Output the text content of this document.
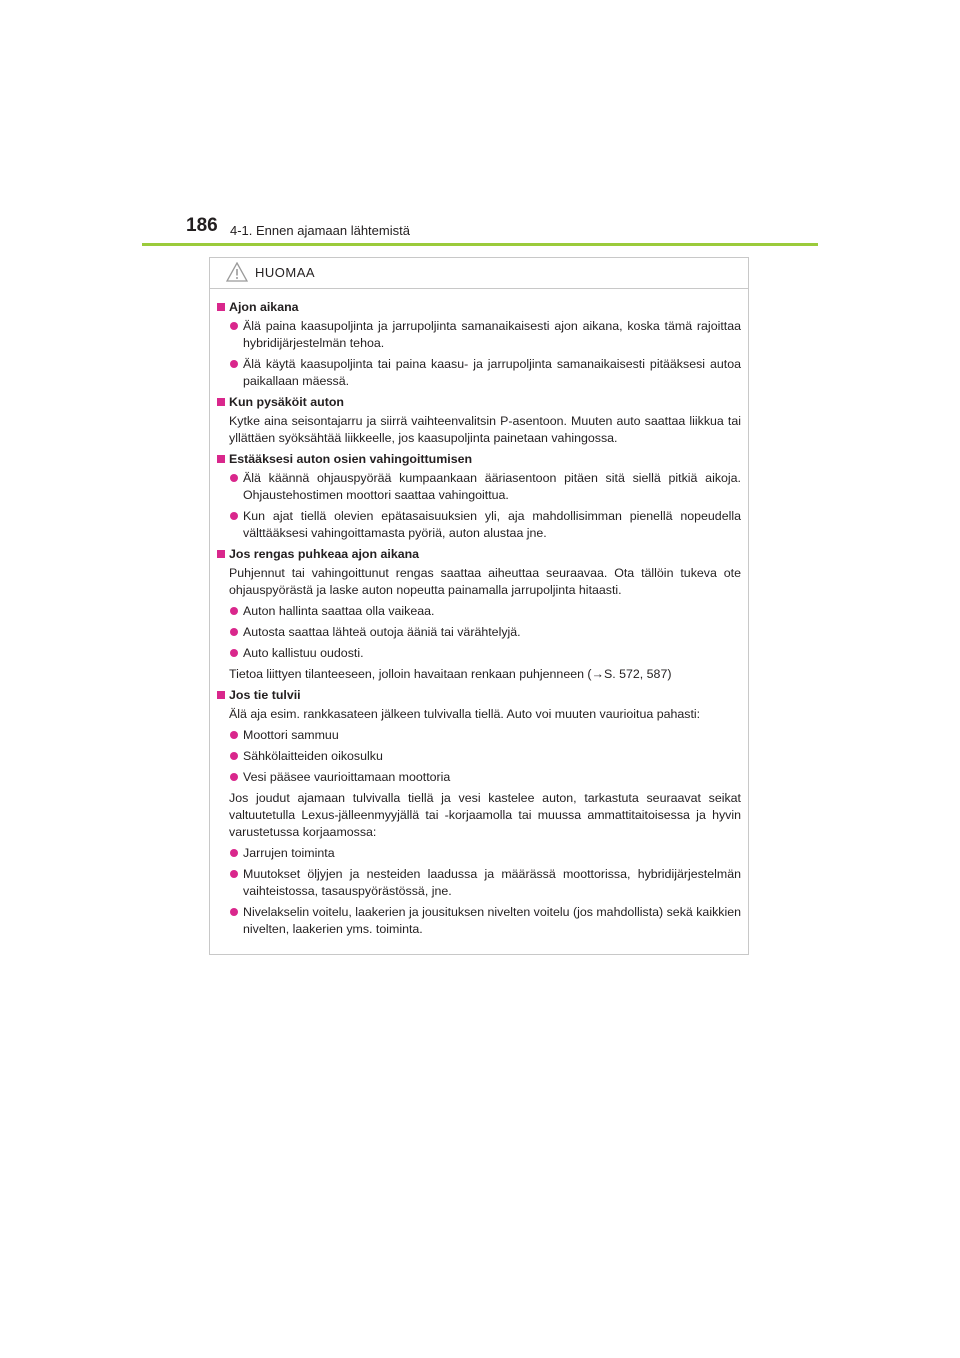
186 4-1. Ennen ajamaan lähtemistä
HUOMAA
Ajon aikana
Älä paina kaasupoljinta ja jarrupoljinta samanaikaisesti ajon aikana, koska tämä rajoittaa hybridijärjestelmän tehoa.
Älä käytä kaasupoljinta tai paina kaasu- ja jarrupoljinta samanaikaisesti pitääksesi autoa paikallaan mäessä.
Kun pysäköit auton
Kytke aina seisontajarru ja siirrä vaihteenvalitsin P-asentoon. Muuten auto saattaa liikkua tai yllättäen syöksähtää liikkeelle, jos kaasupoljinta painetaan vahingossa.
Estääksesi auton osien vahingoittumisen
Älä käännä ohjauspyörää kumpaankaan ääriasentoon pitäen sitä siellä pitkiä aikoja. Ohjaustehostimen moottori saattaa vahingoittua.
Kun ajat tiellä olevien epätasaisuuksien yli, aja mahdollisimman pienellä nopeudella välttääksesi vahingoittamasta pyöriä, auton alustaa jne.
Jos rengas puhkeaa ajon aikana
Puhjennut tai vahingoittunut rengas saattaa aiheuttaa seuraavaa. Ota tällöin tukeva ote ohjauspyörästä ja laske auton nopeutta painamalla jarrupoljinta hitaasti.
Auton hallinta saattaa olla vaikeaa.
Autosta saattaa lähteä outoja ääniä tai värähtelyjä.
Auto kallistuu oudosti.
Tietoa liittyen tilanteeseen, jolloin havaitaan renkaan puhjenneen (→S. 572, 587)
Jos tie tulvii
Älä aja esim. rankkasateen jälkeen tulvivalla tiellä. Auto voi muuten vaurioitua pahasti:
Moottori sammuu
Sähkölaitteiden oikosulku
Vesi pääsee vaurioittamaan moottoria
Jos joudut ajamaan tulvivalla tiellä ja vesi kastelee auton, tarkastuta seuraavat seikat valtuutetulla Lexus-jälleenmyyjällä tai -korjaamolla tai muussa ammattitaitoisessa ja hyvin varustetussa korjaamossa:
Jarrujen toiminta
Muutokset öljyjen ja nesteiden laadussa ja määrässä moottorissa, hybridijärjestelmän vaihteistossa, tasauspyörästössä, jne.
Nivelakselin voitelu, laakerien ja jousituksen nivelten voitelu (jos mahdollista) sekä kaikkien nivelten, laakerien yms. toiminta.
